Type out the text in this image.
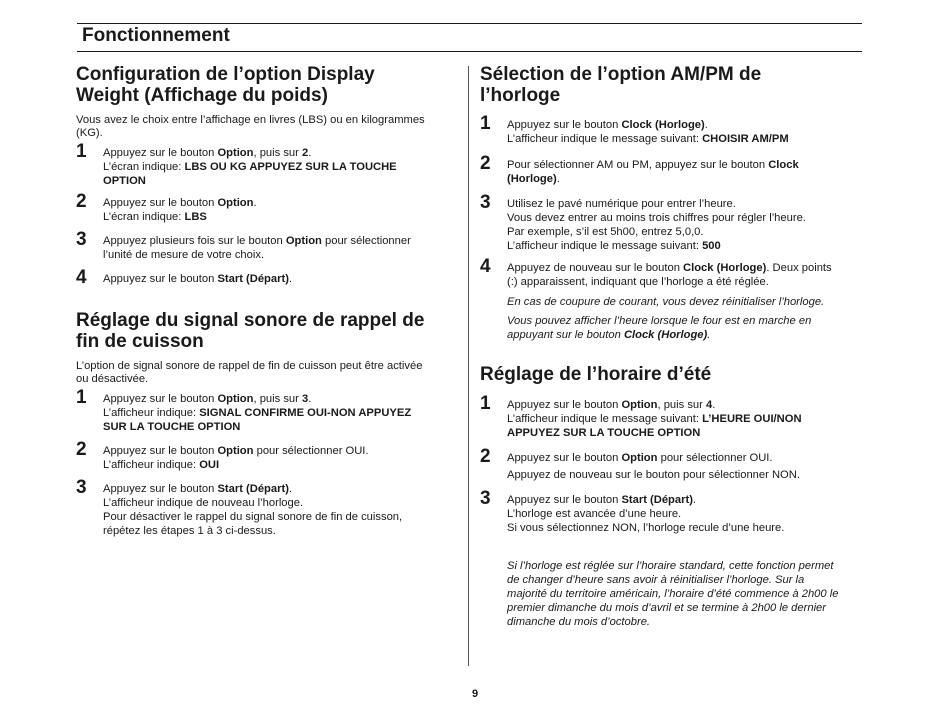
Fonctionnement
Configuration de l’option Display
Weight (Affichage du poids)
Vous avez le choix entre l’affichage en livres (LBS) ou en kilogrammes
(KG).
1 Appuyez sur le bouton Option, puis sur 2.
L’écran indique: LBS OU KG APPUYEZ SUR LA TOUCHE
OPTION
2 Appuyez sur le bouton Option.
L’écran indique: LBS
3 Appuyez plusieurs fois sur le bouton Option pour sélectionner
l’unité de mesure de votre choix.
4 Appuyez sur le bouton Start (Départ).
Réglage du signal sonore de rappel de
fin de cuisson
L’option de signal sonore de rappel de fin de cuisson peut être activée
ou désactivée.
1 Appuyez sur le bouton Option, puis sur 3.
L’afficheur indique: SIGNAL CONFIRME OUI-NON APPUYEZ
SUR LA TOUCHE OPTION
2 Appuyez sur le bouton Option pour sélectionner OUI.
L’afficheur indique: OUI
3 Appuyez sur le bouton Start (Départ).
L’afficheur indique de nouveau l’horloge.
Pour désactiver le rappel du signal sonore de fin de cuisson,
répétez les étapes 1 à 3 ci-dessus.
Sélection de l’option AM/PM de
l’horloge
1 Appuyez sur le bouton Clock (Horloge).
L’afficheur indique le message suivant: CHOISIR AM/PM
2 Pour sélectionner AM ou PM, appuyez sur le bouton Clock
(Horloge).
3 Utilisez le pavé numérique pour entrer l’heure.
Vous devez entrer au moins trois chiffres pour régler l’heure.
Par exemple, s’il est 5h00, entrez 5,0,0.
L’afficheur indique le message suivant: 500
4 Appuyez de nouveau sur le bouton Clock (Horloge). Deux points
(:) apparaissent, indiquant que l’horloge a été réglée.
En cas de coupure de courant, vous devez réinitialiser l’horloge.
Vous pouvez afficher l’heure lorsque le four est en marche en
appuyant sur le bouton Clock (Horloge).
Réglage de l’horaire d’été
1 Appuyez sur le bouton Option, puis sur 4.
L’afficheur indique le message suivant: L’HEURE OUI/NON
APPUYEZ SUR LA TOUCHE OPTION
2 Appuyez sur le bouton Option pour sélectionner OUI.
Appuyez de nouveau sur le bouton pour sélectionner NON.
3 Appuyez sur le bouton Start (Départ).
L’horloge est avancée d’une heure.
Si vous sélectionnez NON, l’horloge recule d’une heure.
Si l’horloge est réglée sur l’horaire standard, cette fonction permet
de changer d’heure sans avoir à réinitialiser l’horloge. Sur la
majorité du territoire américain, l’horaire d’été commence à 2h00 le
premier dimanche du mois d’avril et se termine à 2h00 le dernier
dimanche du mois d’octobre.
9
